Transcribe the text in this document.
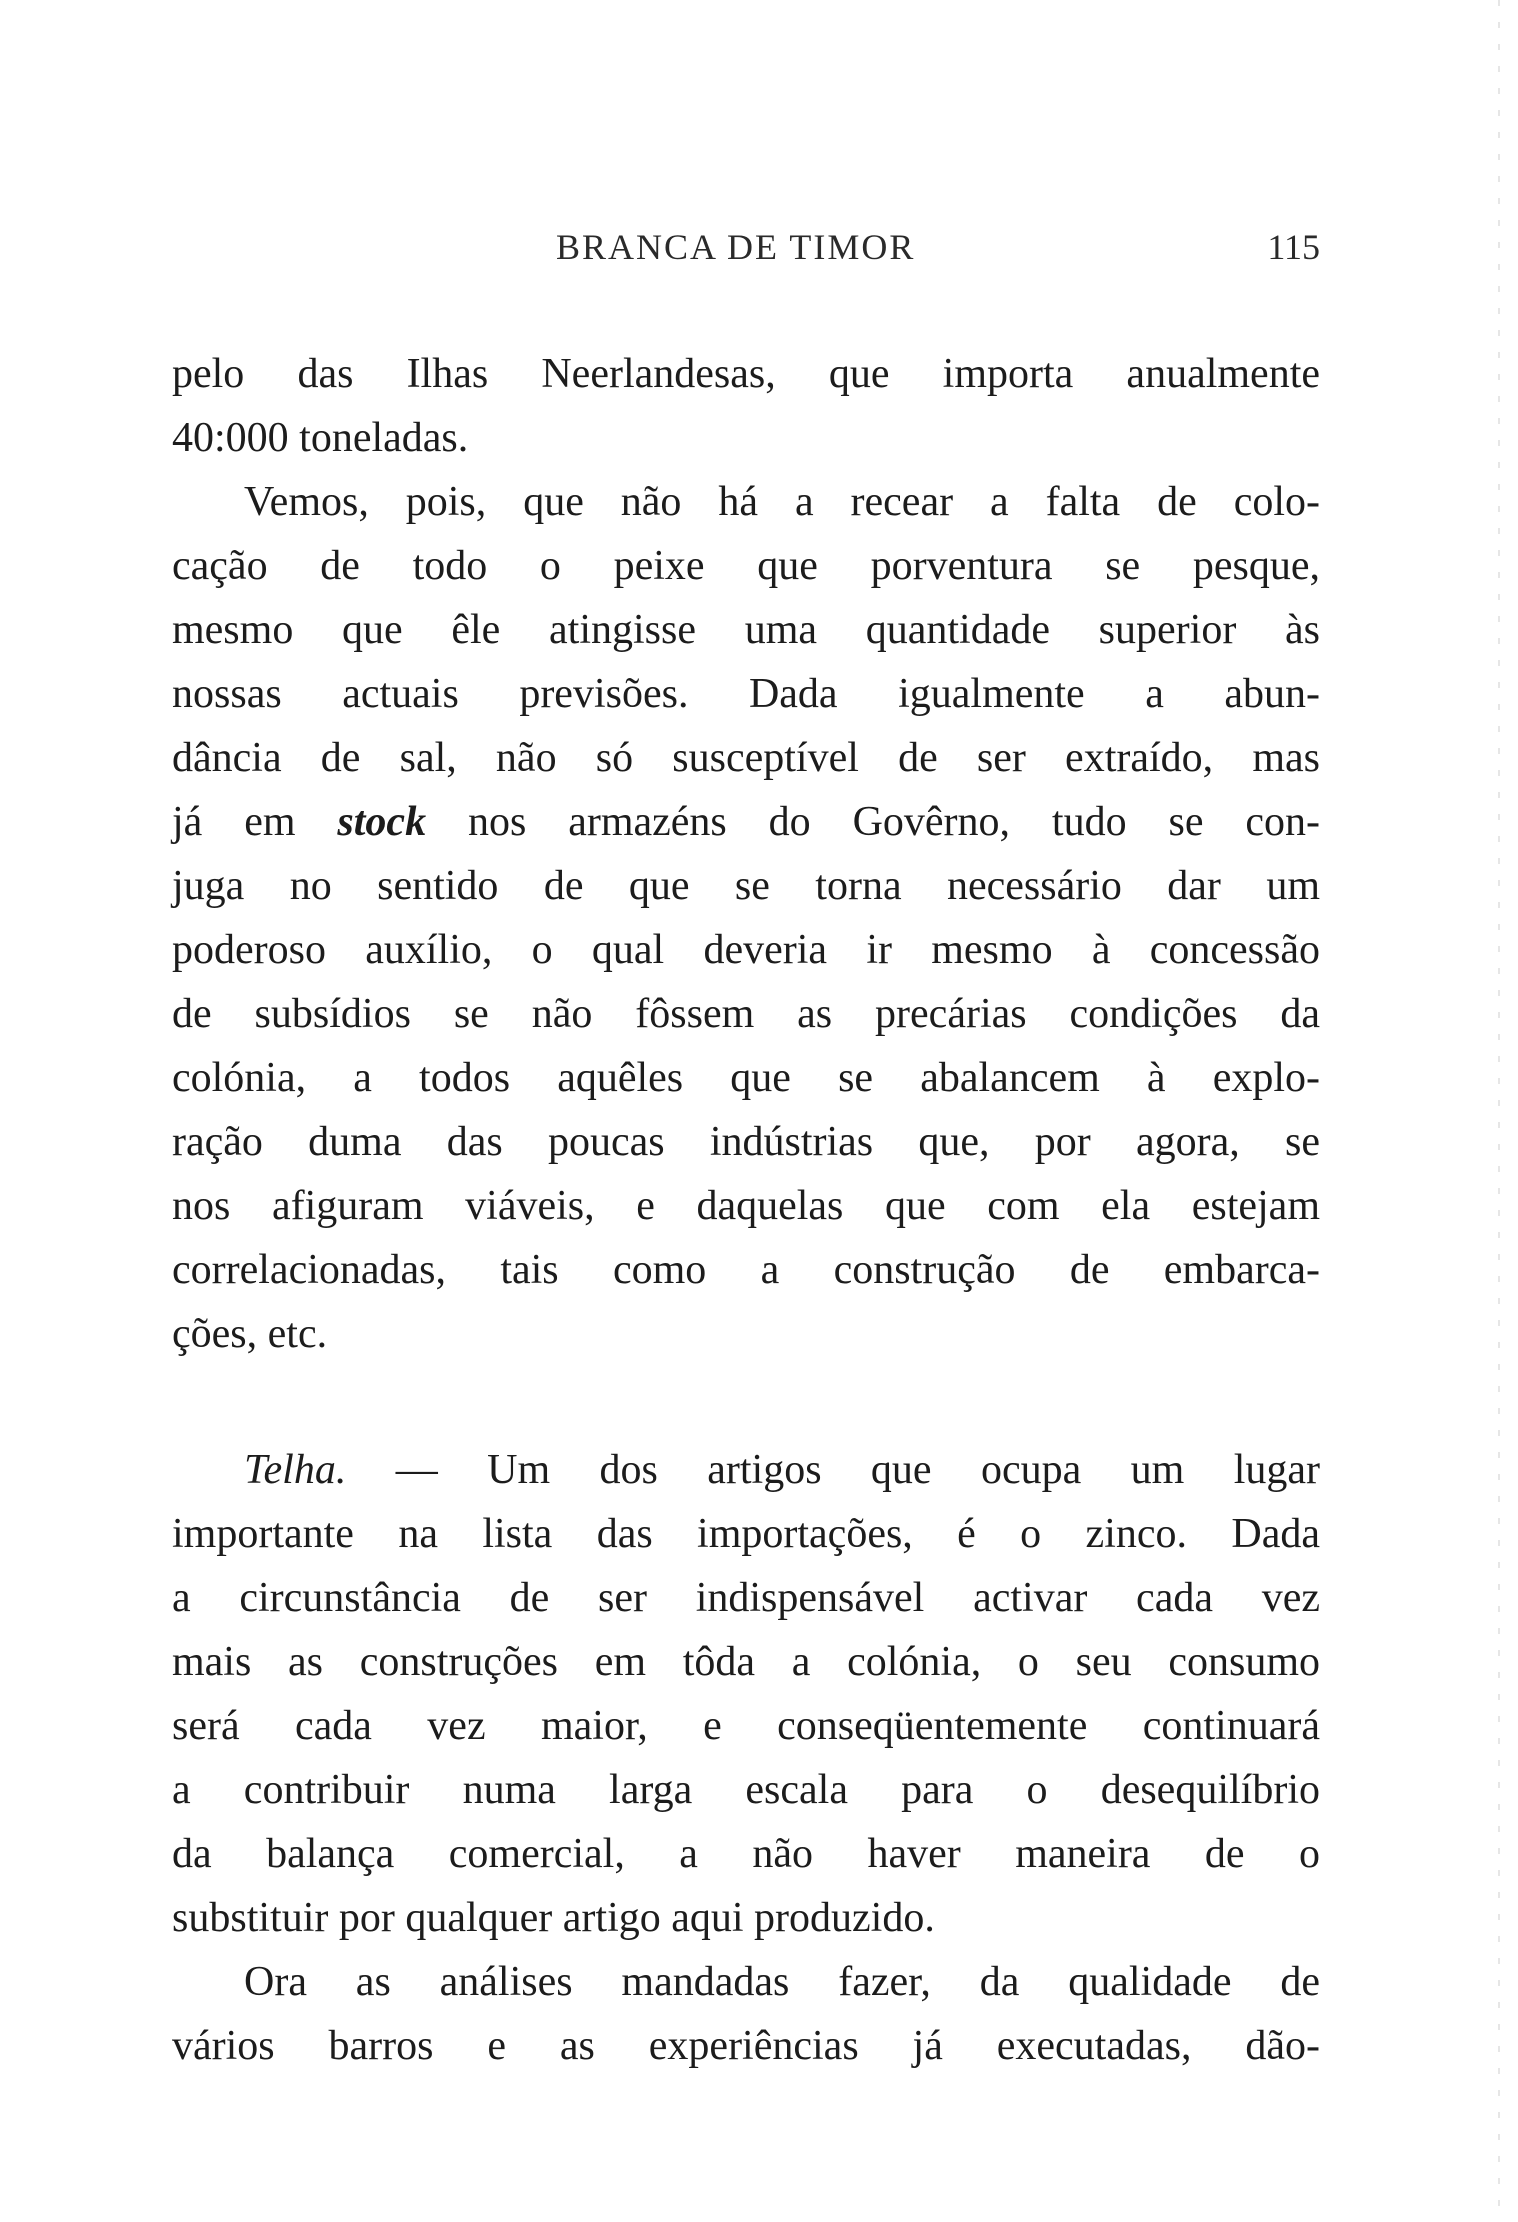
BRANCA DE TIMOR	115
pelo das Ilhas Neerlandesas, que importa anualmente
40:000 toneladas.
Vemos, pois, que não há a recear a falta de colo-
cação de todo o peixe que porventura se pesque,
mesmo que êle atingisse uma quantidade superior às
nossas actuais previsões. Dada igualmente a abun-
dância de sal, não só susceptível de ser extraído, mas
já em stock nos armazéns do Govêrno, tudo se con-
juga no sentido de que se torna necessário dar um
poderoso auxílio, o qual deveria ir mesmo à concessão
de subsídios se não fôssem as precárias condições da
colónia, a todos aquêles que se abalancem à explo-
ração duma das poucas indústrias que, por agora, se
nos afiguram viáveis, e daquelas que com ela estejam
correlacionadas, tais como a construção de embarca-
ções, etc.
Telha. — Um dos artigos que ocupa um lugar
importante na lista das importações, é o zinco. Dada
a circunstância de ser indispensável activar cada vez
mais as construções em tôda a colónia, o seu consumo
será cada vez maior, e conseqüentemente continuará
a contribuir numa larga escala para o desequilíbrio
da balança comercial, a não haver maneira de o
substituir por qualquer artigo aqui produzido.
Ora as análises mandadas fazer, da qualidade de
vários barros e as experiências já executadas, dão-
